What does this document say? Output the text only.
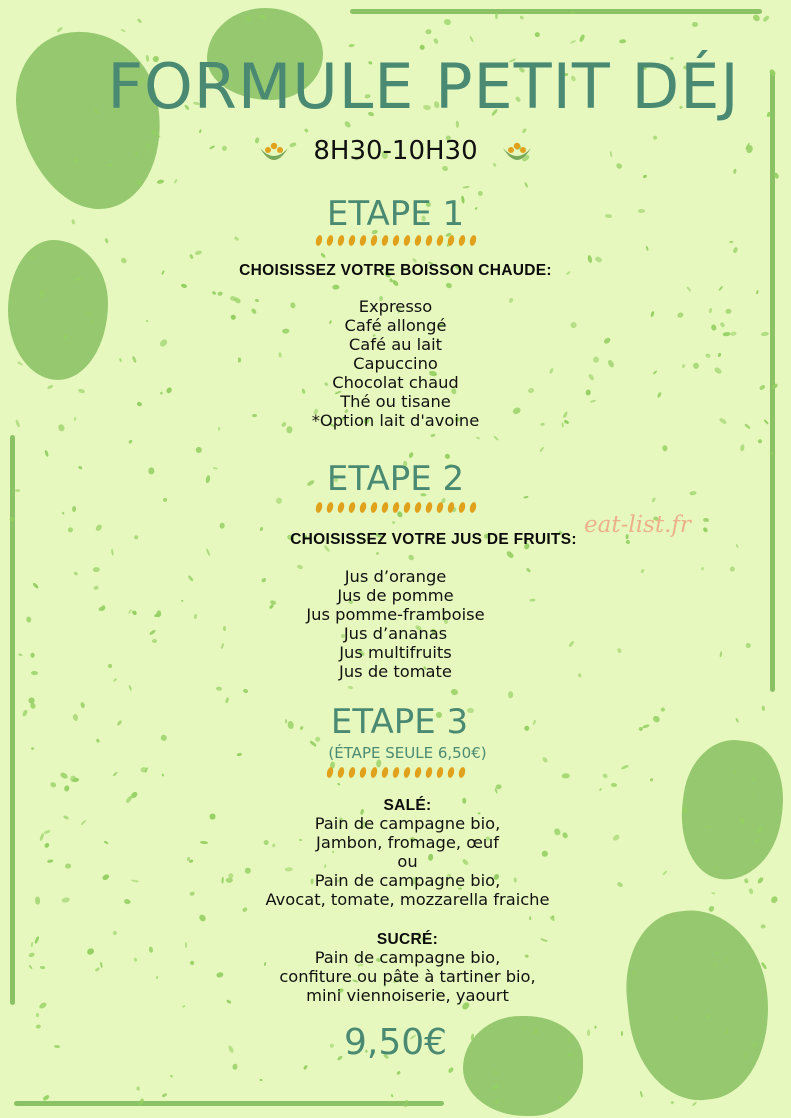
FORMULE PETIT DÉJ
8H30-10H30
ETAPE 1
CHOISISSEZ VOTRE BOISSON CHAUDE:
Expresso
Café allongé
Café au lait
Capuccino
Chocolat chaud
Thé ou tisane
*Option lait d'avoine
ETAPE 2
CHOISISSEZ VOTRE JUS DE FRUITS:
Jus d’orange
Jus de pomme
Jus pomme-framboise
Jus d’ananas
Jus multifruits
Jus de tomate
ETAPE 3
(ÉTAPE SEULE 6,50€)
SALÉ:
Pain de campagne bio,
Jambon, fromage, œuf
ou
Pain de campagne bio,
Avocat, tomate, mozzarella fraiche
SUCRÉ:
Pain de campagne bio,
confiture ou pâte à tartiner bio,
mini viennoiserie, yaourt
9,50€
eat-list.fr
